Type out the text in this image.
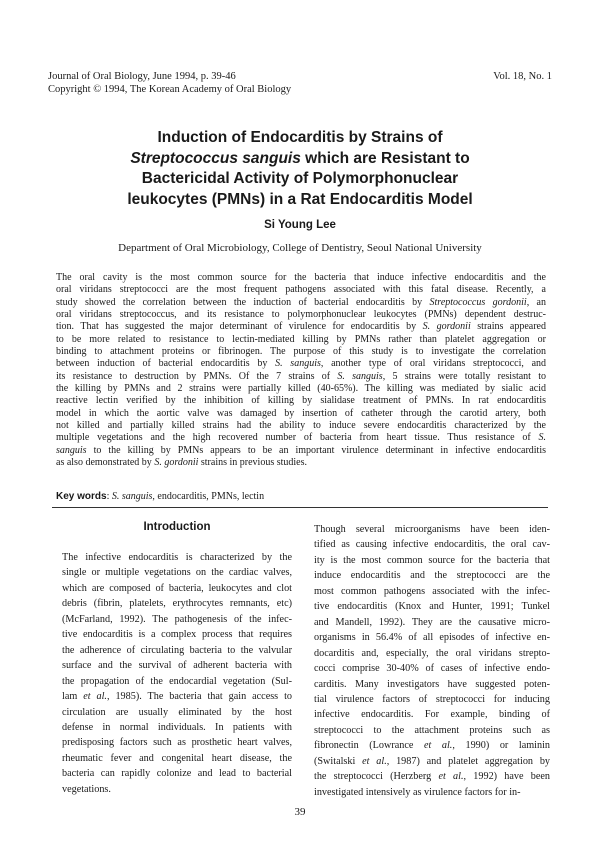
Journal of Oral Biology, June 1994, p. 39-46
Copyright © 1994, The Korean Academy of Oral Biology
Vol. 18, No. 1
Induction of Endocarditis by Strains of
Streptococcus sanguis which are Resistant to
Bactericidal Activity of Polymorphonuclear
leukocytes (PMNs) in a Rat Endocarditis Model
Si Young Lee
Department of Oral Microbiology, College of Dentistry, Seoul National University
The oral cavity is the most common source for the bacteria that induce infective endocarditis and the
oral viridans streptococci are the most frequent pathogens associated with this fatal disease. Recently, a
study showed the correlation between the induction of bacterial endocarditis by Streptococcus gordonii, an
oral viridans streptococcus, and its resistance to polymorphonuclear leukocytes (PMNs) dependent destruc-
tion. That has suggested the major determinant of virulence for endocarditis by S. gordonii strains appeared
to be more related to resistance to lectin-mediated killing by PMNs rather than platelet aggregation or
binding to attachment proteins or fibrinogen. The purpose of this study is to investigate the correlation
between induction of bacterial endocarditis by S. sanguis, another type of oral viridans streptococci, and
its resistance to destruction by PMNs. Of the 7 strains of S. sanguis, 5 strains were totally resistant to
the killing by PMNs and 2 strains were partially killed (40-65%). The killing was mediated by sialic acid
reactive lectin verified by the inhibition of killing by sialidase treatment of PMNs. In rat endocarditis
model in which the aortic valve was damaged by insertion of catheter through the carotid artery, both
not killed and partially killed strains had the ability to induce severe endocarditis characterized by the
multiple vegetations and the high recovered number of bacteria from heart tissue. Thus resistance of S.
sanguis to the killing by PMNs appears to be an important virulence determinant in infective endocarditis
as also demonstrated by S. gordonii strains in previous studies.
Key words: S. sanguis, endocarditis, PMNs, lectin
Introduction
The infective endocarditis is characterized by the
single or multiple vegetations on the cardiac valves,
which are composed of bacteria, leukocytes and clot
debris (fibrin, platelets, erythrocytes remnants, etc)
(McFarland, 1992). The pathogenesis of the infec-
tive endocarditis is a complex process that requires
the adherence of circulating bacteria to the valvular
surface and the survival of adherent bacteria with
the propagation of the endocardial vegetation (Sul-
lam et al., 1985). The bacteria that gain access to
circulation are usually eliminated by the host
defense in normal individuals. In patients with
predisposing factors such as prosthetic heart valves,
rheumatic fever and congenital heart disease, the
bacteria can rapidly colonize and lead to bacterial
vegetations.
Though several microorganisms have been iden-
tified as causing infective endocarditis, the oral cav-
ity is the most common source for the bacteria that
induce endocarditis and the streptococci are the
most common pathogens associated with the infec-
tive endocarditis (Knox and Hunter, 1991; Tunkel
and Mandell, 1992). They are the causative micro-
organisms in 56.4% of all episodes of infective en-
docarditis and, especially, the oral viridans strepto-
cocci comprise 30-40% of cases of infective endo-
carditis. Many investigators have suggested poten-
tial virulence factors of streptococci for inducing
infective endocarditis. For example, binding of
streptococci to the attachment proteins such as
fibronectin (Lowrance et al., 1990) or laminin
(Switalski et al., 1987) and platelet aggregation by
the streptococci (Herzberg et al., 1992) have been
investigated intensively as virulence factors for in-
39
